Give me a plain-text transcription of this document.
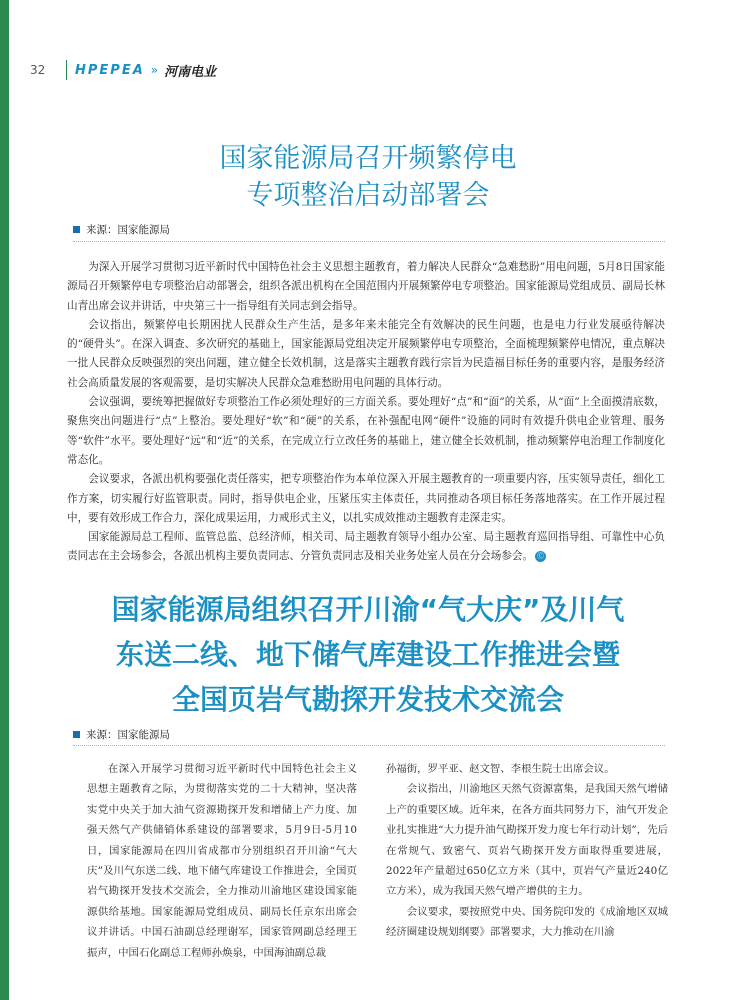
32	HPEPEA » 河南电业
国家能源局召开频繁停电
专项整治启动部署会
来源：国家能源局

为深入开展学习贯彻习近平新时代中国特色社会主义思想主题教育，着力解决人民群众“急难愁盼”用电问题，5月8日国家能源局召开频繁停电专项整治启动部署会，组织各派出机构在全国范围内开展频繁停电专项整治。国家能源局党组成员、副局长林山青出席会议并讲话，中央第三十一指导组有关同志到会指导。

会议指出，频繁停电长期困扰人民群众生产生活，是多年来未能完全有效解决的民生问题，也是电力行业发展亟待解决的“硬骨头”。在深入调查、多次研究的基础上，国家能源局党组决定开展频繁停电专项整治，全面梳理频繁停电情况，重点解决一批人民群众反映强烈的突出问题，建立健全长效机制，这是落实主题教育践行宗旨为民造福目标任务的重要内容，是服务经济社会高质量发展的客观需要，是切实解决人民群众急难愁盼用电问题的具体行动。

会议强调，要统筹把握做好专项整治工作必须处理好的三方面关系。要处理好“点”和“面”的关系，从“面”上全面摸清底数，聚焦突出问题进行“点”上整治。要处理好“软”和“硬”的关系，在补强配电网“硬件”设施的同时有效提升供电企业管理、服务等“软件”水平。要处理好“远”和“近”的关系，在完成立行立改任务的基础上，建立健全长效机制，推动频繁停电治理工作制度化常态化。

会议要求，各派出机构要强化责任落实，把专项整治作为本单位深入开展主题教育的一项重要内容，压实领导责任，细化工作方案，切实履行好监管职责。同时，指导供电企业，压紧压实主体责任，共同推动各项目标任务落地落实。在工作开展过程中，要有效形成工作合力，深化成果运用，力戒形式主义，以扎实成效推动主题教育走深走实。

国家能源局总工程师、监管总监、总经济师，相关司、局主题教育领导小组办公室、局主题教育巡回指导组、可靠性中心负责同志在主会场参会，各派出机构主要负责同志、分管负责同志及相关业务处室人员在分会场参会。 Ⓒ

国家能源局组织召开川渝“气大庆”及川气
东送二线、地下储气库建设工作推进会暨
全国页岩气勘探开发技术交流会
来源：国家能源局

在深入开展学习贯彻习近平新时代中国特色社会主义思想主题教育之际，为贯彻落实党的二十大精神，坚决落实党中央关于加大油气资源勘探开发和增储上产力度、加强天然气产供储销体系建设的部署要求，5月9日-5月10日，国家能源局在四川省成都市分别组织召开川渝“气大庆”及川气东送二线、地下储气库建设工作推进会，全国页岩气勘探开发技术交流会，全力推动川渝地区建设国家能源供给基地。国家能源局党组成员、副局长任京东出席会议并讲话。中国石油副总经理谢军，国家管网副总经理王振声，中国石化副总工程师孙焕泉，中国海油副总裁

孙福街，罗平亚、赵文智、李根生院士出席会议。

会议指出，川渝地区天然气资源富集，是我国天然气增储上产的重要区域。近年来，在各方面共同努力下，油气开发企业扎实推进“大力提升油气勘探开发力度七年行动计划”，先后在常规气、致密气、页岩气勘探开发方面取得重要进展，2022年产量超过650亿立方米（其中，页岩气产量近240亿立方米），成为我国天然气增产增供的主力。

会议要求，要按照党中央、国务院印发的《成渝地区双城经济圈建设规划纲要》部署要求，大力推动在川渝
